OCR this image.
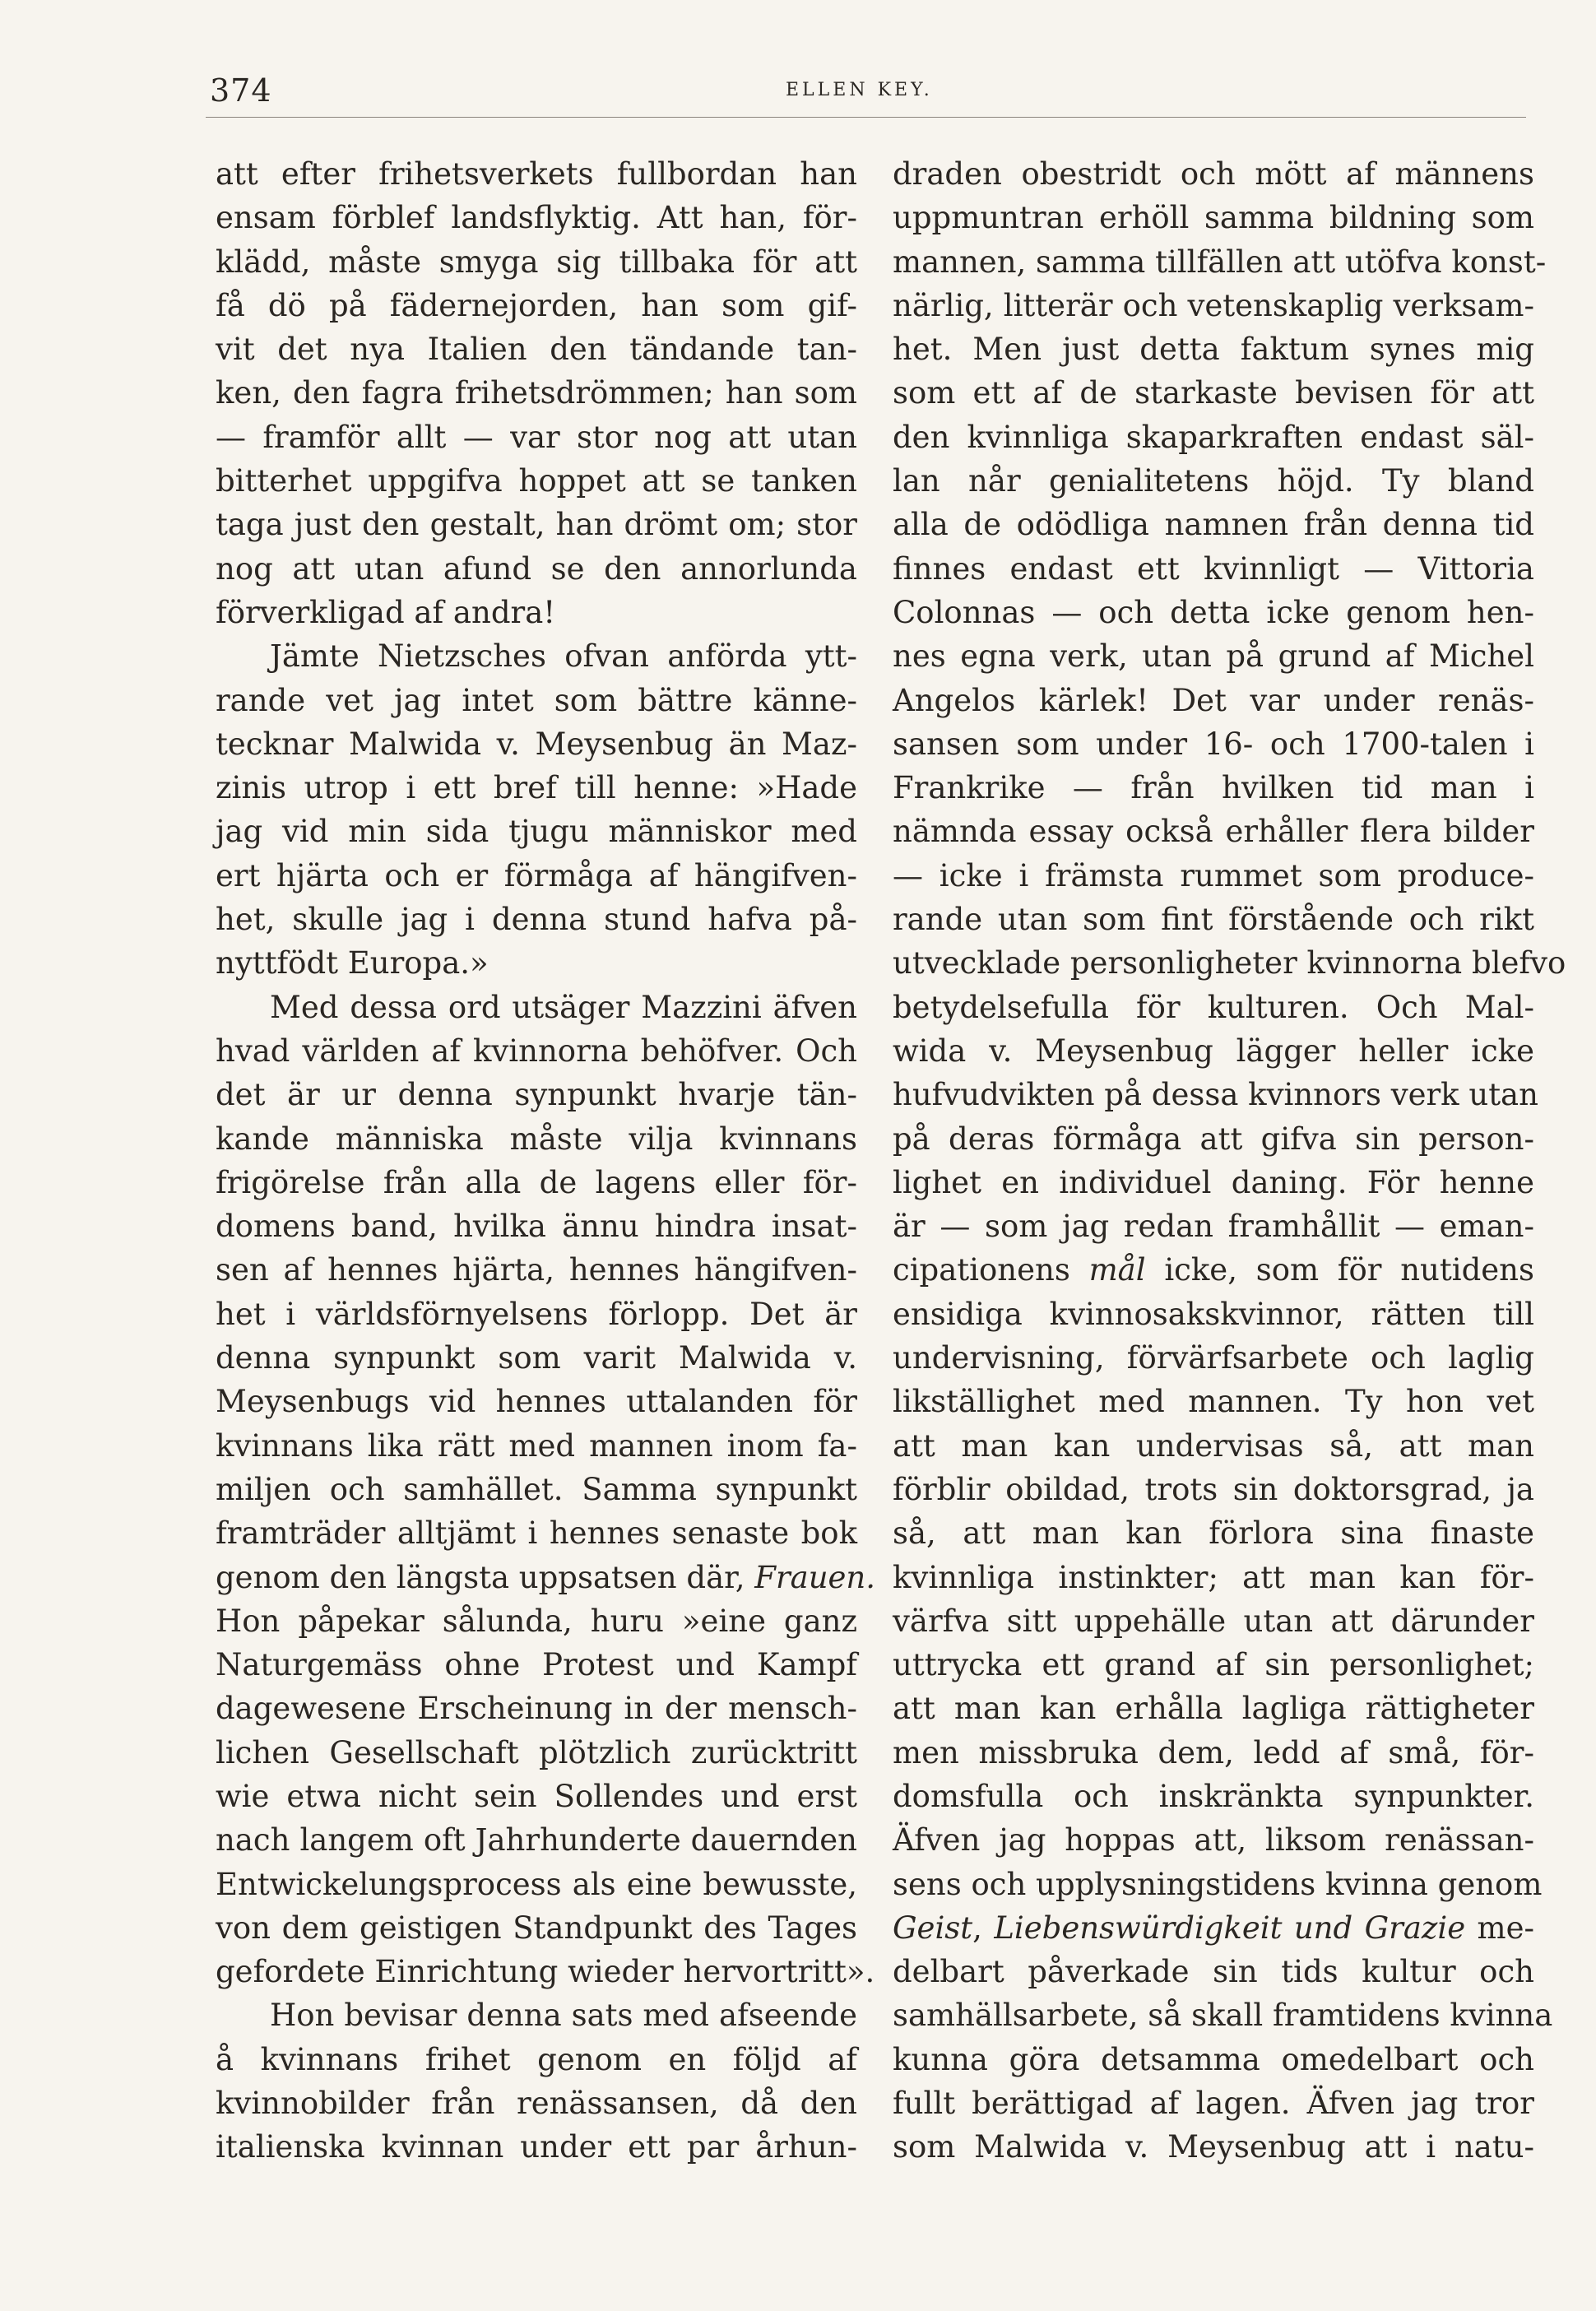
374	ELLEN KEY.
att efter frihetsverkets fullbordan han
ensam förblef landsflyktig. Att han, för-
klädd, måste smyga sig tillbaka för att
få dö på fädernejorden, han som gif-
vit det nya Italien den tändande tan-
ken, den fagra frihetsdrömmen; han som
— framför allt — var stor nog att utan
bitterhet uppgifva hoppet att se tanken
taga just den gestalt, han drömt om; stor
nog att utan afund se den annorlunda
förverkligad af andra!
Jämte Nietzsches ofvan anförda ytt-
rande vet jag intet som bättre känne-
tecknar Malwida v. Meysenbug än Maz-
zinis utrop i ett bref till henne: »Hade
jag vid min sida tjugu människor med
ert hjärta och er förmåga af hängifven-
het, skulle jag i denna stund hafva på-
nyttfödt Europa.»
Med dessa ord utsäger Mazzini äfven
hvad världen af kvinnorna behöfver. Och
det är ur denna synpunkt hvarje tän-
kande människa måste vilja kvinnans
frigörelse från alla de lagens eller för-
domens band, hvilka ännu hindra insat-
sen af hennes hjärta, hennes hängifven-
het i världsförnyelsens förlopp. Det är
denna synpunkt som varit Malwida v.
Meysenbugs vid hennes uttalanden för
kvinnans lika rätt med mannen inom fa-
miljen och samhället. Samma synpunkt
framträder alltjämt i hennes senaste bok
genom den längsta uppsatsen där, Frauen.
Hon påpekar sålunda, huru »eine ganz
Naturgemäss ohne Protest und Kampf
dagewesene Erscheinung in der mensch-
lichen Gesellschaft plötzlich zurücktritt
wie etwa nicht sein Sollendes und erst
nach langem oft Jahrhunderte dauernden
Entwickelungsprocess als eine bewusste,
von dem geistigen Standpunkt des Tages
gefordete Einrichtung wieder hervortritt».
Hon bevisar denna sats med afseende
å kvinnans frihet genom en följd af
kvinnobilder från renässansen, då den
italienska kvinnan under ett par århun-
draden obestridt och mött af männens
uppmuntran erhöll samma bildning som
mannen, samma tillfällen att utöfva konst-
närlig, litterär och vetenskaplig verksam-
het. Men just detta faktum synes mig
som ett af de starkaste bevisen för att
den kvinnliga skaparkraften endast säl-
lan når genialitetens höjd. Ty bland
alla de odödliga namnen från denna tid
finnes endast ett kvinnligt — Vittoria
Colonnas — och detta icke genom hen-
nes egna verk, utan på grund af Michel
Angelos kärlek! Det var under renäs-
sansen som under 16- och 1700-talen i
Frankrike — från hvilken tid man i
nämnda essay också erhåller flera bilder
— icke i främsta rummet som produce-
rande utan som fint förstående och rikt
utvecklade personligheter kvinnorna blefvo
betydelsefulla för kulturen. Och Mal-
wida v. Meysenbug lägger heller icke
hufvudvikten på dessa kvinnors verk utan
på deras förmåga att gifva sin person-
lighet en individuel daning. För henne
är — som jag redan framhållit — eman-
cipationens mål icke, som för nutidens
ensidiga kvinnosakskvinnor, rätten till
undervisning, förvärfsarbete och laglig
likställighet med mannen. Ty hon vet
att man kan undervisas så, att man
förblir obildad, trots sin doktorsgrad, ja
så, att man kan förlora sina finaste
kvinnliga instinkter; att man kan för-
värfva sitt uppehälle utan att därunder
uttrycka ett grand af sin personlighet;
att man kan erhålla lagliga rättigheter
men missbruka dem, ledd af små, för-
domsfulla och inskränkta synpunkter.
Äfven jag hoppas att, liksom renässan-
sens och upplysningstidens kvinna genom
Geist, Liebenswürdigkeit und Grazie me-
delbart påverkade sin tids kultur och
samhällsarbete, så skall framtidens kvinna
kunna göra detsamma omedelbart och
fullt berättigad af lagen. Äfven jag tror
som Malwida v. Meysenbug att i natu-
